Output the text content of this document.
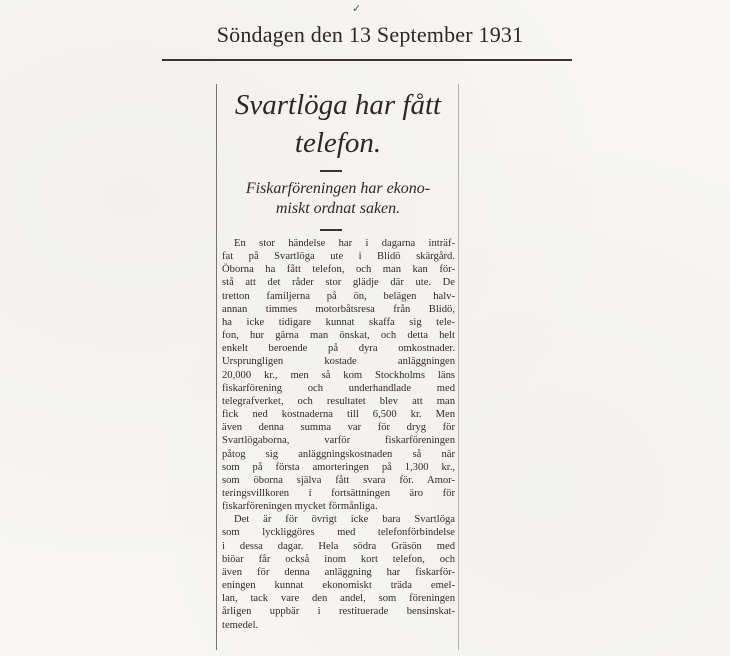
✓
Söndagen den 13 September 1931
Svartlöga har fått
telefon.
Fiskarföreningen har ekono-
miskt ordnat saken.
En stor händelse har i dagarna inträf-
fat på Svartlöga ute i Blidö skärgård.
Öborna ha fått telefon, och man kan för-
stå att det råder stor glädje där ute. De
tretton familjerna på ön, belägen halv-
annan timmes motorbåtsresa från Blidö,
ha icke tidigare kunnat skaffa sig tele-
fon, hur gärna man önskat, och detta helt
enkelt beroende på dyra omkostnader.
Ursprungligen kostade anläggningen
20,000 kr., men så kom Stockholms läns
fiskarförening och underhandlade med
telegrafverket, och resultatet blev att man
fick ned kostnaderna till 6,500 kr. Men
även denna summa var för dryg för
Svartlögaborna, varför fiskarföreningen
påtog sig anläggningskostnaden så när
som på första amorteringen på 1,300 kr.,
som öborna själva fått svara för. Amor-
teringsvillkoren i fortsättningen äro för
fiskarföreningen mycket förmånliga.
Det är för övrigt icke bara Svartlöga
som lyckliggöres med telefonförbindelse
i dessa dagar. Hela södra Gräsön med
biöar får också inom kort telefon, och
även för denna anläggning har fiskarför-
eningen kunnat ekonomiskt träda emel-
lan, tack vare den andel, som föreningen
årligen uppbär i restituerade bensinskat-
temedel.
